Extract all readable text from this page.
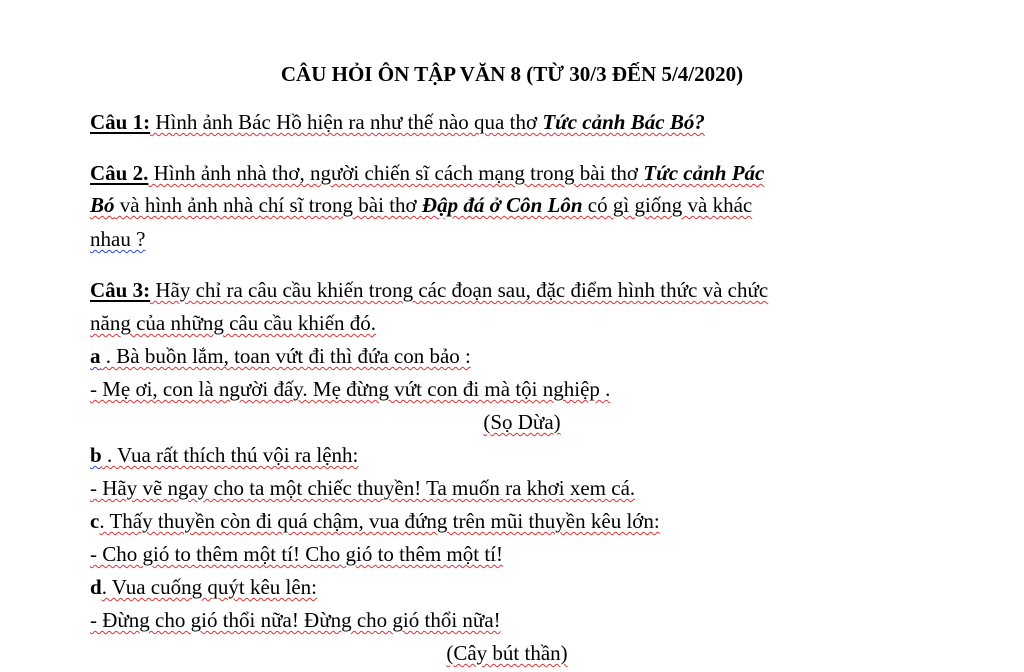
CÂU HỎI ÔN TẬP VĂN 8 (TỪ 30/3 ĐẾN 5/4/2020)
Câu 1: Hình ảnh Bác Hồ hiện ra như thế nào qua thơ Tức cảnh Bác Bó?
Câu 2. Hình ảnh nhà thơ, người chiến sĩ cách mạng trong bài thơ Tức cảnh Pác
Bó và hình ảnh nhà chí sĩ trong bài thơ Đập đá ở Côn Lôn có gì giống và khác
nhau ?
Câu 3: Hãy chỉ ra câu cầu khiến trong các đoạn sau, đặc điểm hình thức và chức
năng của những câu cầu khiến đó.
a . Bà buồn lắm, toan vứt đi thì đứa con bảo :
- Mẹ ơi, con là người đấy. Mẹ đừng vứt con đi mà tội nghiệp .
(Sọ Dừa)
b . Vua rất thích thú vội ra lệnh:
- Hãy vẽ ngay cho ta một chiếc thuyền! Ta muốn ra khơi xem cá.
c. Thấy thuyền còn đi quá chậm, vua đứng trên mũi thuyền kêu lớn:
- Cho gió to thêm một tí! Cho gió to thêm một tí!
d. Vua cuống quýt kêu lên:
- Đừng cho gió thổi nữa! Đừng cho gió thổi nữa!
(Cây bút thần)
